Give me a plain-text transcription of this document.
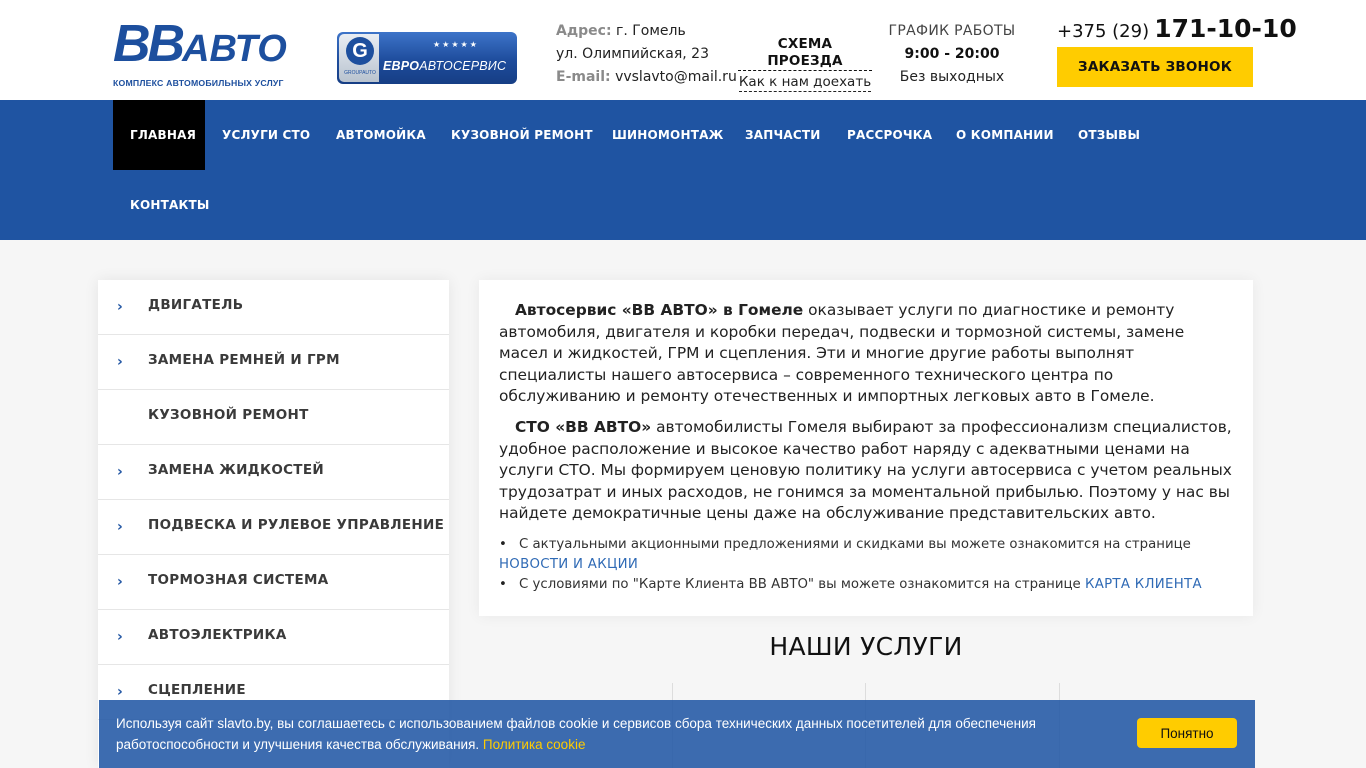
BBАВТО
КОМПЛЕКС АВТОМОБИЛЬНЫХ УСЛУГ
G
GROUPAUTO
★★★★★
ЕВРОАВТОСЕРВИС
Адрес: г. Гомель
ул. Олимпийская, 23
E-mail: vvslavto@mail.ru
СХЕМА ПРОЕЗДА
Как к нам доехать
ГРАФИК РАБОТЫ
9:00 - 20:00
Без выходных
+375 (29) 171-10-10
ЗАКАЗАТЬ ЗВОНОК
ГЛАВНАЯ	УСЛУГИ СТО	АВТОМОЙКА	КУЗОВНОЙ РЕМОНТ	ШИНОМОНТАЖ	ЗАПЧАСТИ	РАССРОЧКА	О КОМПАНИИ	ОТЗЫВЫ
КОНТАКТЫ
›	ДВИГАТЕЛЬ
›	ЗАМЕНА РЕМНЕЙ И ГРМ
КУЗОВНОЙ РЕМОНТ
›	ЗАМЕНА ЖИДКОСТЕЙ
›	ПОДВЕСКА И РУЛЕВОЕ УПРАВЛЕНИЕ
›	ТОРМОЗНАЯ СИСТЕМА
›	АВТОЭЛЕКТРИКА
›	СЦЕПЛЕНИЕ

Автосервис «ВВ АВТО» в Гомеле оказывает услуги по диагностике и ремонту автомобиля, двигателя и коробки передач, подвески и тормозной системы, замене масел и жидкостей, ГРМ и сцепления. Эти и многие другие работы выполнят специалисты нашего автосервиса – современного технического центра по обслуживанию и ремонту отечественных и импортных легковых авто в Гомеле.

СТО «ВВ АВТО» автомобилисты Гомеля выбирают за профессионализм специалистов, удобное расположение и высокое качество работ наряду с адекватными ценами на услуги СТО. Мы формируем ценовую политику на услуги автосервиса с учетом реальных трудозатрат и иных расходов, не гонимся за моментальной прибылью. Поэтому у нас вы найдете демократичные цены даже на обслуживание представительских авто.

• С актуальными акционными предложениями и скидками вы можете ознакомится на странице
НОВОСТИ И АКЦИИ
• С условиями по "Карте Клиента ВВ АВТО" вы можете ознакомится на странице КАРТА КЛИЕНТА
НАШИ УСЛУГИ
Используя сайт slavto.by, вы соглашаетесь с использованием файлов cookie и сервисов сбора технических данных посетителей для обеспечения работоспособности и улучшения качества обслуживания. Политика cookie
Понятно
